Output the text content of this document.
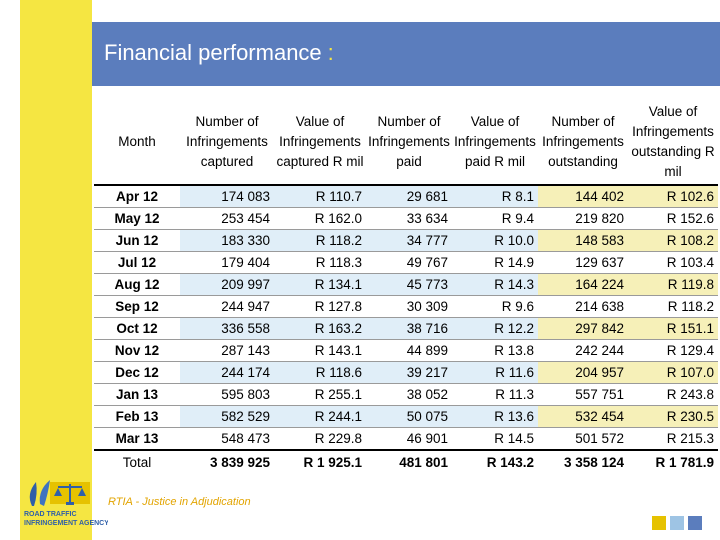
Financial performance :
Month	Number of Infringements captured	Value of Infringements captured R mil	Number of Infringements paid	Value of Infringements paid R mil	Number of Infringements outstanding	Value of Infringements outstanding R mil
Apr 12	174 083	R 110.7	29 681	R 8.1	144 402	R 102.6
May 12	253 454	R 162.0	33 634	R 9.4	219 820	R 152.6
Jun 12	183 330	R 118.2	34 777	R 10.0	148 583	R 108.2
Jul 12	179 404	R 118.3	49 767	R 14.9	129 637	R 103.4
Aug 12	209 997	R 134.1	45 773	R 14.3	164 224	R 119.8
Sep 12	244 947	R 127.8	30 309	R 9.6	214 638	R 118.2
Oct 12	336 558	R 163.2	38 716	R 12.2	297 842	R 151.1
Nov 12	287 143	R 143.1	44 899	R 13.8	242 244	R 129.4
Dec 12	244 174	R 118.6	39 217	R 11.6	204 957	R 107.0
Jan 13	595 803	R 255.1	38 052	R 11.3	557 751	R 243.8
Feb 13	582 529	R 244.1	50 075	R 13.6	532 454	R 230.5
Mar 13	548 473	R 229.8	46 901	R 14.5	501 572	R 215.3
Total	3 839 925	R 1 925.1	481 801	R 143.2	3 358 124	R 1 781.9
ROAD TRAFFIC
INFRINGEMENT AGENCY
RTIA - Justice in Adjudication
